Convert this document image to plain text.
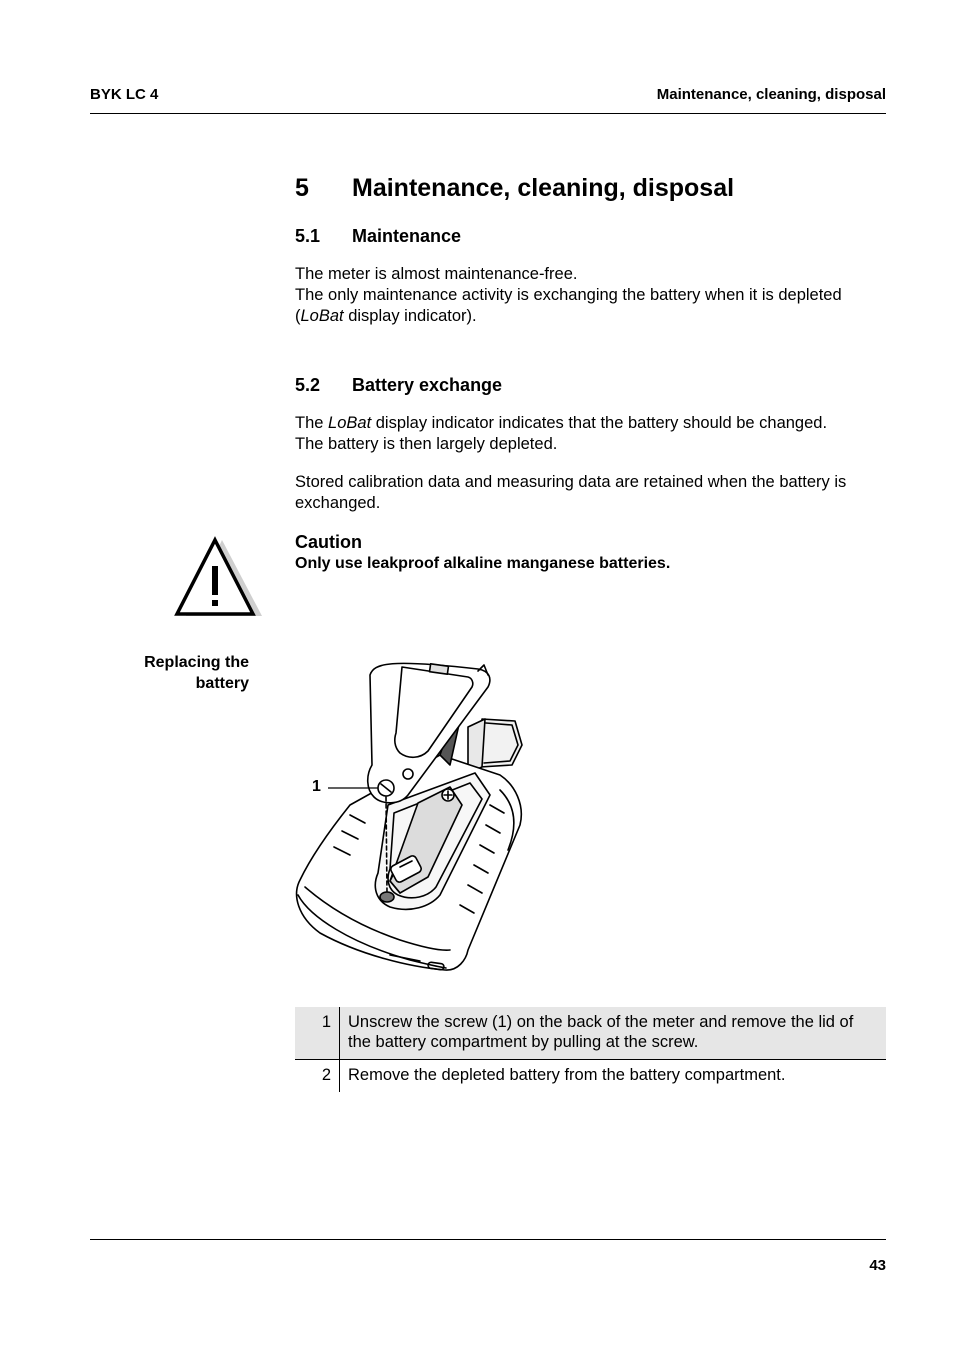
BYK LC 4	Maintenance, cleaning, disposal
5 Maintenance, cleaning, disposal
5.1 Maintenance

The meter is almost maintenance-free.

The only maintenance activity is exchanging the battery when it is depleted

(LoBat display indicator).

5.2 Battery exchange

The LoBat display indicator indicates that the battery should be changed.

The battery is then largely depleted.

Stored calibration data and measuring data are retained when the battery is exchanged.

Caution
Only use leakproof alkaline manganese batteries.
Replacing the
battery
1
1	Unscrew the screw (1) on the back of the meter and remove the lid of the battery compartment by pulling at the screw.
2	Remove the depleted battery from the battery compartment.
43
